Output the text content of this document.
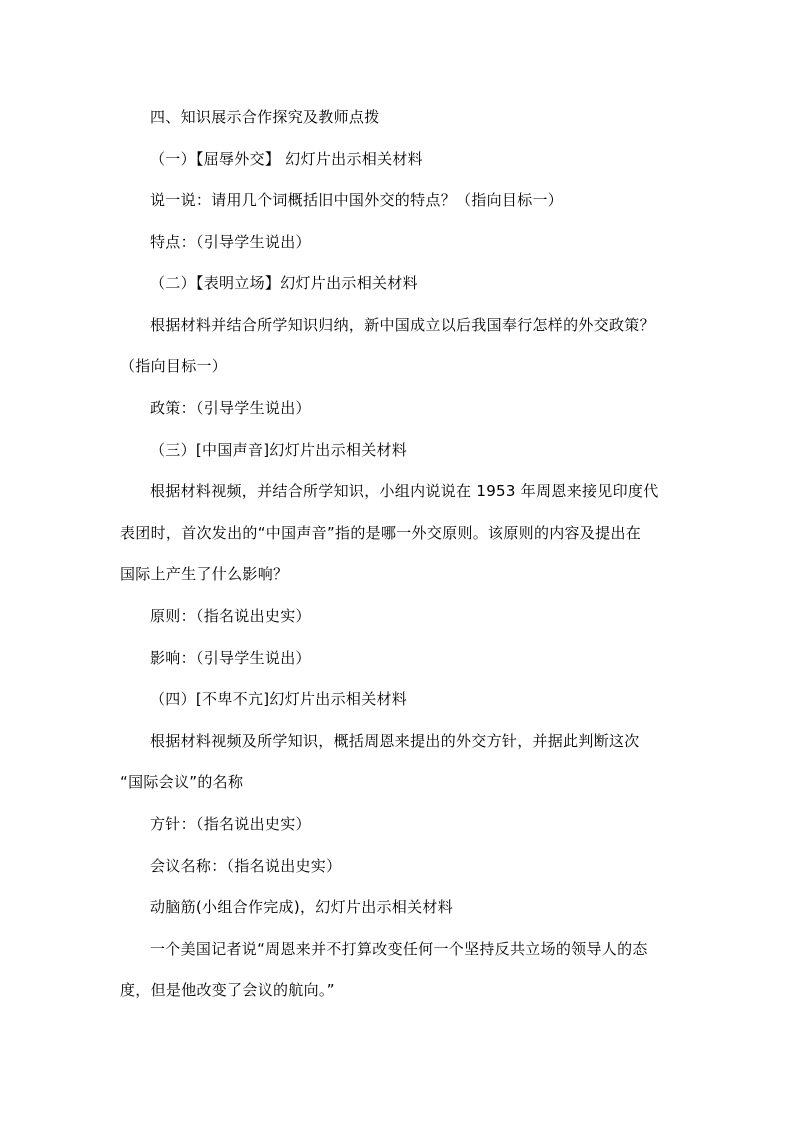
四、知识展示合作探究及教师点拨
（一）【屈辱外交】 幻灯片出示相关材料
说一说：请用几个词概括旧中国外交的特点？（指向目标一）
特点：（引导学生说出）
（二）【表明立场】幻灯片出示相关材料
根据材料并结合所学知识归纳，新中国成立以后我国奉行怎样的外交政策？
（指向目标一）
政策：（引导学生说出）
（三）[中国声音]幻灯片出示相关材料
根据材料视频，并结合所学知识，小组内说说在 1953 年周恩来接见印度代
表团时，首次发出的“中国声音”指的是哪一外交原则。该原则的内容及提出在
国际上产生了什么影响？
原则：（指名说出史实）
影响：（引导学生说出）
（四）[不卑不亢]幻灯片出示相关材料
根据材料视频及所学知识，概括周恩来提出的外交方针，并据此判断这次
“国际会议”的名称
方针：（指名说出史实）
会议名称：（指名说出史实）
动脑筋(小组合作完成)，幻灯片出示相关材料
一个美国记者说“周恩来并不打算改变任何一个坚持反共立场的领导人的态
度，但是他改变了会议的航向。”
